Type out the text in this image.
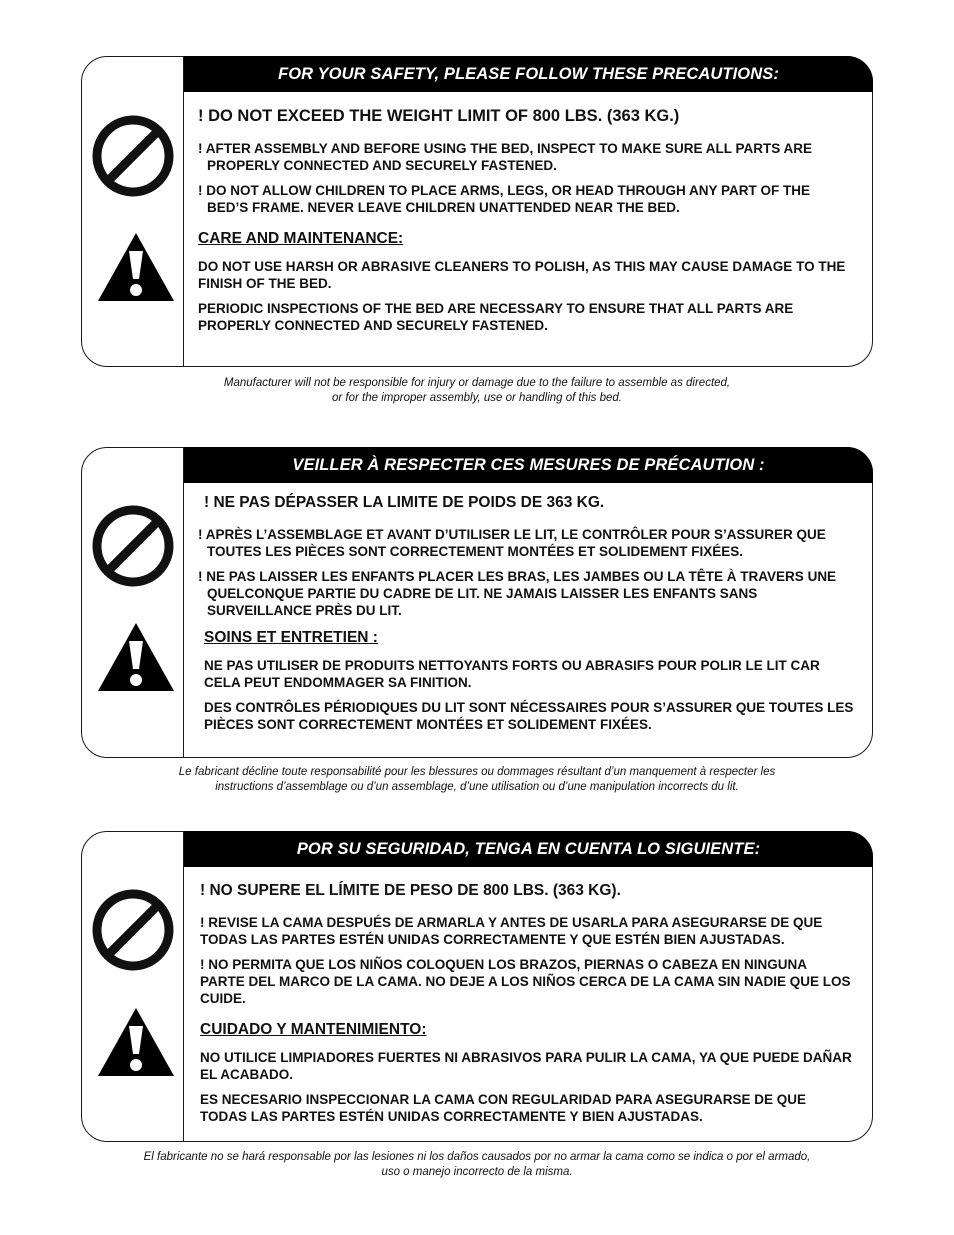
FOR YOUR SAFETY, PLEASE FOLLOW THESE PRECAUTIONS:

! DO NOT EXCEED THE WEIGHT LIMIT OF 800 LBS. (363 KG.)

! AFTER ASSEMBLY AND BEFORE USING THE BED, INSPECT TO MAKE SURE ALL PARTS ARE PROPERLY CONNECTED AND SECURELY FASTENED.

! DO NOT ALLOW CHILDREN TO PLACE ARMS, LEGS, OR HEAD THROUGH ANY PART OF THE BED’S FRAME. NEVER LEAVE CHILDREN UNATTENDED NEAR THE BED.

CARE AND MAINTENANCE:

DO NOT USE HARSH OR ABRASIVE CLEANERS TO POLISH, AS THIS MAY CAUSE DAMAGE TO THE FINISH OF THE BED.

PERIODIC INSPECTIONS OF THE BED ARE NECESSARY TO ENSURE THAT ALL PARTS ARE PROPERLY CONNECTED AND SECURELY FASTENED.

Manufacturer will not be responsible for injury or damage due to the failure to assemble as directed,
or for the improper assembly, use or handling of this bed.
VEILLER À RESPECTER CES MESURES DE PRÉCAUTION :

! NE PAS DÉPASSER LA LIMITE DE POIDS DE 363 KG.

! APRÈS L’ASSEMBLAGE ET AVANT D’UTILISER LE LIT, LE CONTRÔLER POUR S’ASSURER QUE TOUTES LES PIÈCES SONT CORRECTEMENT MONTÉES ET SOLIDEMENT FIXÉES.

! NE PAS LAISSER LES ENFANTS PLACER LES BRAS, LES JAMBES OU LA TÊTE À TRAVERS UNE QUELCONQUE PARTIE DU CADRE DE LIT. NE JAMAIS LAISSER LES ENFANTS SANS SURVEILLANCE PRÈS DU LIT.

SOINS ET ENTRETIEN :

NE PAS UTILISER DE PRODUITS NETTOYANTS FORTS OU ABRASIFS POUR POLIR LE LIT CAR CELA PEUT ENDOMMAGER SA FINITION.

DES CONTRÔLES PÉRIODIQUES DU LIT SONT NÉCESSAIRES POUR S’ASSURER QUE TOUTES LES PIÈCES SONT CORRECTEMENT MONTÉES ET SOLIDEMENT FIXÉES.

Le fabricant décline toute responsabilité pour les blessures ou dommages résultant d’un manquement à respecter les
instructions d’assemblage ou d’un assemblage, d’une utilisation ou d’une manipulation incorrects du lit.
POR SU SEGURIDAD, TENGA EN CUENTA LO SIGUIENTE:

! NO SUPERE EL LÍMITE DE PESO DE 800 LBS. (363 KG).

! REVISE LA CAMA DESPUÉS DE ARMARLA Y ANTES DE USARLA PARA ASEGURARSE DE QUE TODAS LAS PARTES ESTÉN UNIDAS CORRECTAMENTE Y QUE ESTÉN BIEN AJUSTADAS.

! NO PERMITA QUE LOS NIÑOS COLOQUEN LOS BRAZOS, PIERNAS O CABEZA EN NINGUNA PARTE DEL MARCO DE LA CAMA. NO DEJE A LOS NIÑOS CERCA DE LA CAMA SIN NADIE QUE LOS CUIDE.

CUIDADO Y MANTENIMIENTO:

NO UTILICE LIMPIADORES FUERTES NI ABRASIVOS PARA PULIR LA CAMA, YA QUE PUEDE DAÑAR EL ACABADO.

ES NECESARIO INSPECCIONAR LA CAMA CON REGULARIDAD PARA ASEGURARSE DE QUE TODAS LAS PARTES ESTÉN UNIDAS CORRECTAMENTE Y BIEN AJUSTADAS.

El fabricante no se hará responsable por las lesiones ni los daños causados por no armar la cama como se indica o por el armado,
uso o manejo incorrecto de la misma.
